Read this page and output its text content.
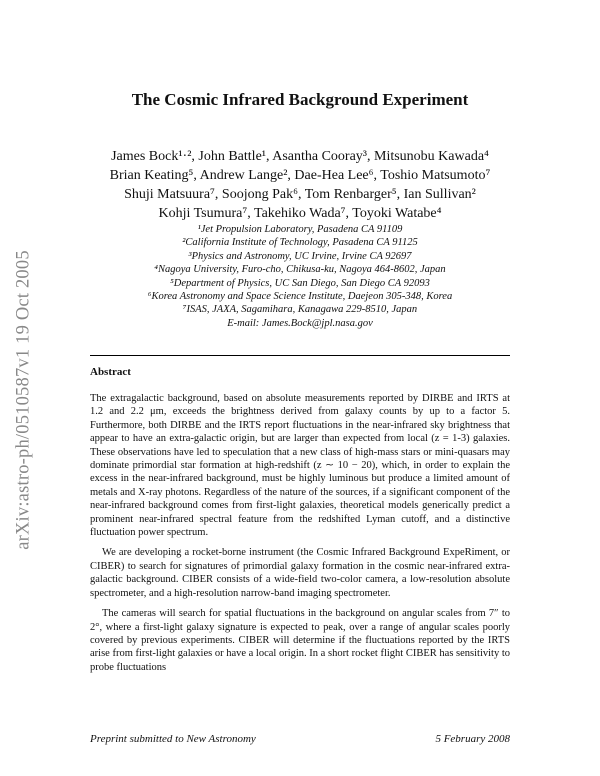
arXiv:astro-ph/0510587v1 19 Oct 2005
The Cosmic Infrared Background Experiment
James Bock¹·², John Battle¹, Asantha Cooray³, Mitsunobu Kawada⁴
Brian Keating⁵, Andrew Lange², Dae-Hea Lee⁶, Toshio Matsumoto⁷
Shuji Matsuura⁷, Soojong Pak⁶, Tom Renbarger⁵, Ian Sullivan²
Kohji Tsumura⁷, Takehiko Wada⁷, Toyoki Watabe⁴
¹Jet Propulsion Laboratory, Pasadena CA 91109
²California Institute of Technology, Pasadena CA 91125
³Physics and Astronomy, UC Irvine, Irvine CA 92697
⁴Nagoya University, Furo-cho, Chikusa-ku, Nagoya 464-8602, Japan
⁵Department of Physics, UC San Diego, San Diego CA 92093
⁶Korea Astronomy and Space Science Institute, Daejeon 305-348, Korea
⁷ISAS, JAXA, Sagamihara, Kanagawa 229-8510, Japan
E-mail: James.Bock@jpl.nasa.gov
Abstract

The extragalactic background, based on absolute measurements reported by DIRBE and IRTS at 1.2 and 2.2 μm, exceeds the brightness derived from galaxy counts by up to a factor 5. Furthermore, both DIRBE and the IRTS report fluctuations in the near-infrared sky brightness that appear to have an extra-galactic origin, but are larger than expected from local (z = 1-3) galaxies. These observations have led to speculation that a new class of high-mass stars or mini-quasars may dominate primordial star formation at high-redshift (z ∼ 10 − 20), which, in order to explain the excess in the near-infrared background, must be highly luminous but produce a limited amount of metals and X-ray photons. Regardless of the nature of the sources, if a significant component of the near-infrared background comes from first-light galaxies, theoretical models generically predict a prominent near-infrared spectral feature from the redshifted Lyman cutoff, and a distinctive fluctuation power spectrum.

We are developing a rocket-borne instrument (the Cosmic Infrared Background ExpeRiment, or CIBER) to search for signatures of primordial galaxy formation in the cosmic near-infrared extra-galactic background. CIBER consists of a wide-field two-color camera, a low-resolution absolute spectrometer, and a high-resolution narrow-band imaging spectrometer.

The cameras will search for spatial fluctuations in the background on angular scales from 7″ to 2°, where a first-light galaxy signature is expected to peak, over a range of angular scales poorly covered by previous experiments. CIBER will determine if the fluctuations reported by the IRTS arise from first-light galaxies or have a local origin. In a short rocket flight CIBER has sensitivity to probe fluctuations

Preprint submitted to New Astronomy	5 February 2008
